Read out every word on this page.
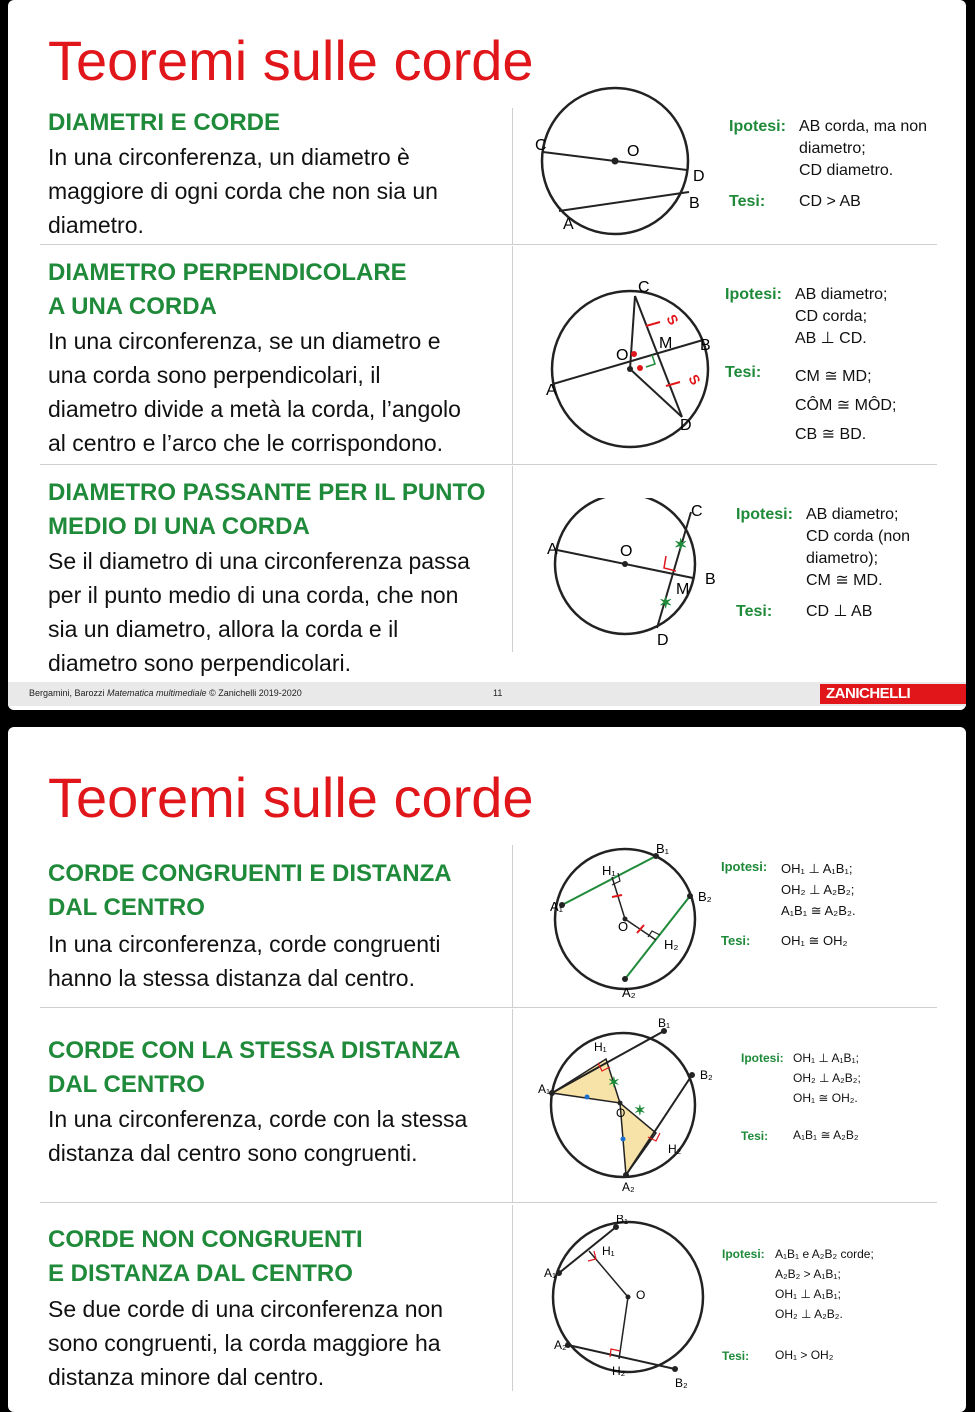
Teoremi sulle corde
DIAMETRI E CORDE
In una circonferenza, un diametro è
maggiore di ogni corda che non sia un
diametro.
C	O
D
B
A
Ipotesi: AB corda, ma non
diametro;
CD diametro.
Tesi: CD > AB
DIAMETRO PERPENDICOLARE
A UNA CORDA
In una circonferenza, se un diametro e
una corda sono perpendicolari, il
diametro divide a metà la corda, l’angolo
al centro e l’arco che le corrispondono.
S
S
C
M B
O
A
D
Ipotesi: AB diametro;
CD corda;
AB ⊥ CD.
Tesi: CM ≅ MD;
CÔM ≅ MÔD;
CB ≅ BD.
DIAMETRO PASSANTE PER IL PUNTO
MEDIO DI UNA CORDA
Se il diametro di una circonferenza passa
per il punto medio di una corda, che non
sia un diametro, allora la corda e il
diametro sono perpendicolari.
✶
✶
C
A	O
M
B
D
Ipotesi: AB diametro;
CD corda (non
diametro);
CM ≅ MD.
Tesi: CD ⊥ AB
Bergamini, Barozzi Matematica multimediale © Zanichelli 2019-2020	11	ZANICHELLI
Teoremi sulle corde
CORDE CONGRUENTI E DISTANZA
DAL CENTRO
In una circonferenza, corde congruenti
hanno la stessa distanza dal centro.
B₁
H₁
B₂
A₁
O
H₂
A₂
Ipotesi: OH₁ ⊥ A₁B₁;
OH₂ ⊥ A₂B₂;
A₁B₁ ≅ A₂B₂.
Tesi: OH₁ ≅ OH₂
CORDE CON LA STESSA DISTANZA
DAL CENTRO
In una circonferenza, corde con la stessa
distanza dal centro sono congruenti.
✶
✶
B₁
H₁
B₂
A₁
O
H₂
A₂
Ipotesi: OH₁ ⊥ A₁B₁;
OH₂ ⊥ A₂B₂;
OH₁ ≅ OH₂.
Tesi: A₁B₁ ≅ A₂B₂
CORDE NON CONGRUENTI
E DISTANZA DAL CENTRO
Se due corde di una circonferenza non
sono congruenti, la corda maggiore ha
distanza minore dal centro.
B₁
H₁
A₁
O
A₂
H₂
B₂
Ipotesi: A₁B₁ e A₂B₂ corde;
A₂B₂ > A₁B₁;
OH₁ ⊥ A₁B₁;
OH₂ ⊥ A₂B₂.
Tesi: OH₁ > OH₂
